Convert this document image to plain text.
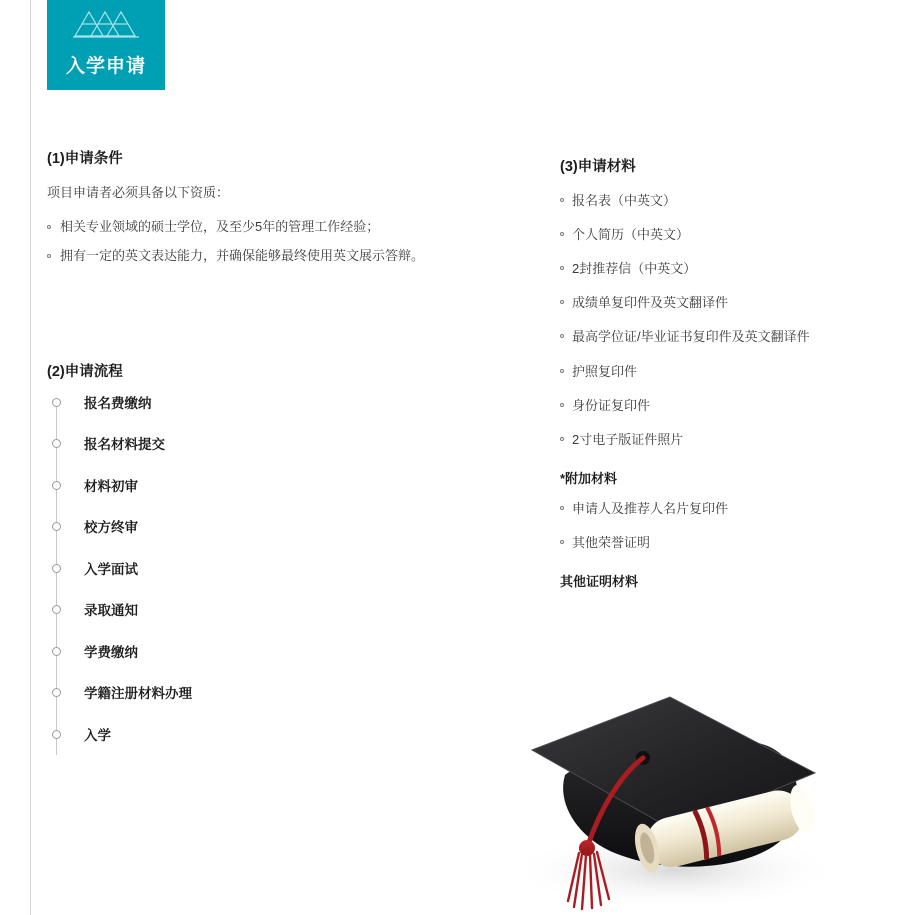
入学申请
(1)申请条件

项目申请者必须具备以下资质：

相关专业领域的硕士学位，及至少5年的管理工作经验；
拥有一定的英文表达能力，并确保能够最终使用英文展示答辩。
(2)申请流程
报名费缴纳
报名材料提交
材料初审
校方终审
入学面试
录取通知
学费缴纳
学籍注册材料办理
入学
(3)申请材料
报名表（中英文）
个人简历（中英文）
2封推荐信（中英文）
成绩单复印件及英文翻译件
最高学位证/毕业证书复印件及英文翻译件
护照复印件
身份证复印件
2寸电子版证件照片
*附加材料
申请人及推荐人名片复印件
其他荣誉证明
其他证明材料
